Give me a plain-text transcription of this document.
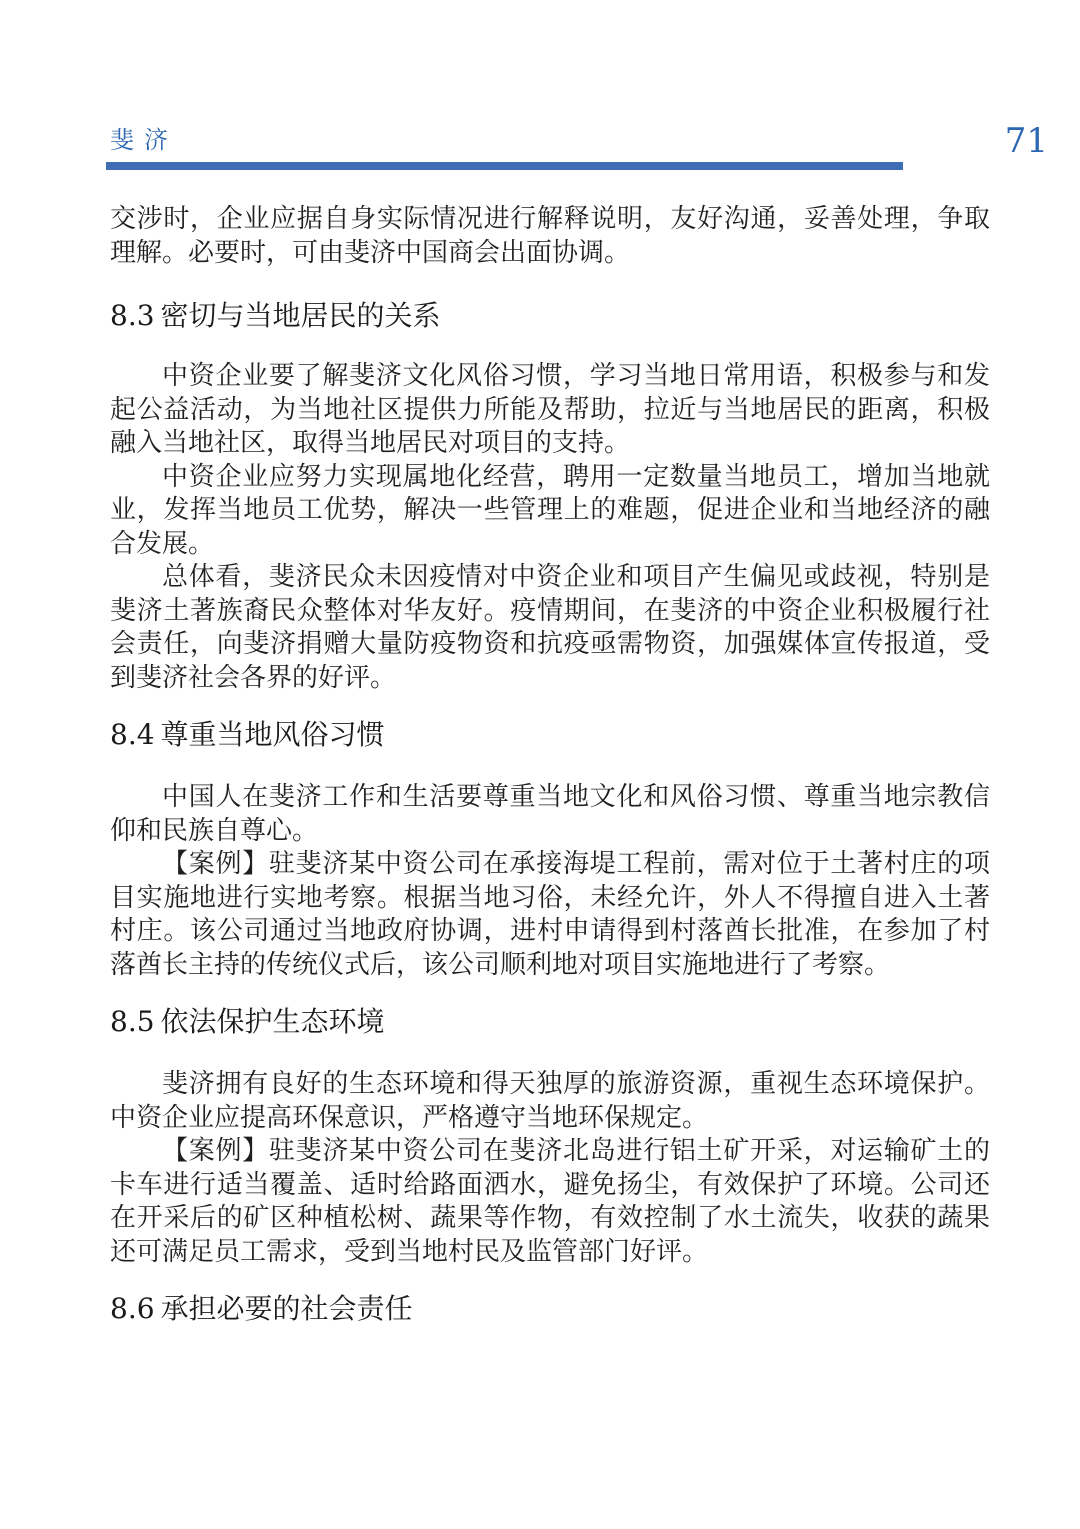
斐济	71

交涉时，企业应据自身实际情况进行解释说明，友好沟通，妥善处理，争取理解。必要时，可由斐济中国商会出面协调。

8.3 密切与当地居民的关系

中资企业要了解斐济文化风俗习惯，学习当地日常用语，积极参与和发起公益活动，为当地社区提供力所能及帮助，拉近与当地居民的距离，积极融入当地社区，取得当地居民对项目的支持。

中资企业应努力实现属地化经营，聘用一定数量当地员工，增加当地就业，发挥当地员工优势，解决一些管理上的难题，促进企业和当地经济的融合发展。

总体看，斐济民众未因疫情对中资企业和项目产生偏见或歧视，特别是斐济土著族裔民众整体对华友好。疫情期间，在斐济的中资企业积极履行社会责任，向斐济捐赠大量防疫物资和抗疫亟需物资，加强媒体宣传报道，受到斐济社会各界的好评。

8.4 尊重当地风俗习惯

中国人在斐济工作和生活要尊重当地文化和风俗习惯、尊重当地宗教信仰和民族自尊心。

【案例】驻斐济某中资公司在承接海堤工程前，需对位于土著村庄的项目实施地进行实地考察。根据当地习俗，未经允许，外人不得擅自进入土著村庄。该公司通过当地政府协调，进村申请得到村落酋长批准，在参加了村落酋长主持的传统仪式后，该公司顺利地对项目实施地进行了考察。

8.5 依法保护生态环境

斐济拥有良好的生态环境和得天独厚的旅游资源，重视生态环境保护。中资企业应提高环保意识，严格遵守当地环保规定。

【案例】驻斐济某中资公司在斐济北岛进行铝土矿开采，对运输矿土的卡车进行适当覆盖、适时给路面洒水，避免扬尘，有效保护了环境。公司还在开采后的矿区种植松树、蔬果等作物，有效控制了水土流失，收获的蔬果还可满足员工需求，受到当地村民及监管部门好评。

8.6 承担必要的社会责任
